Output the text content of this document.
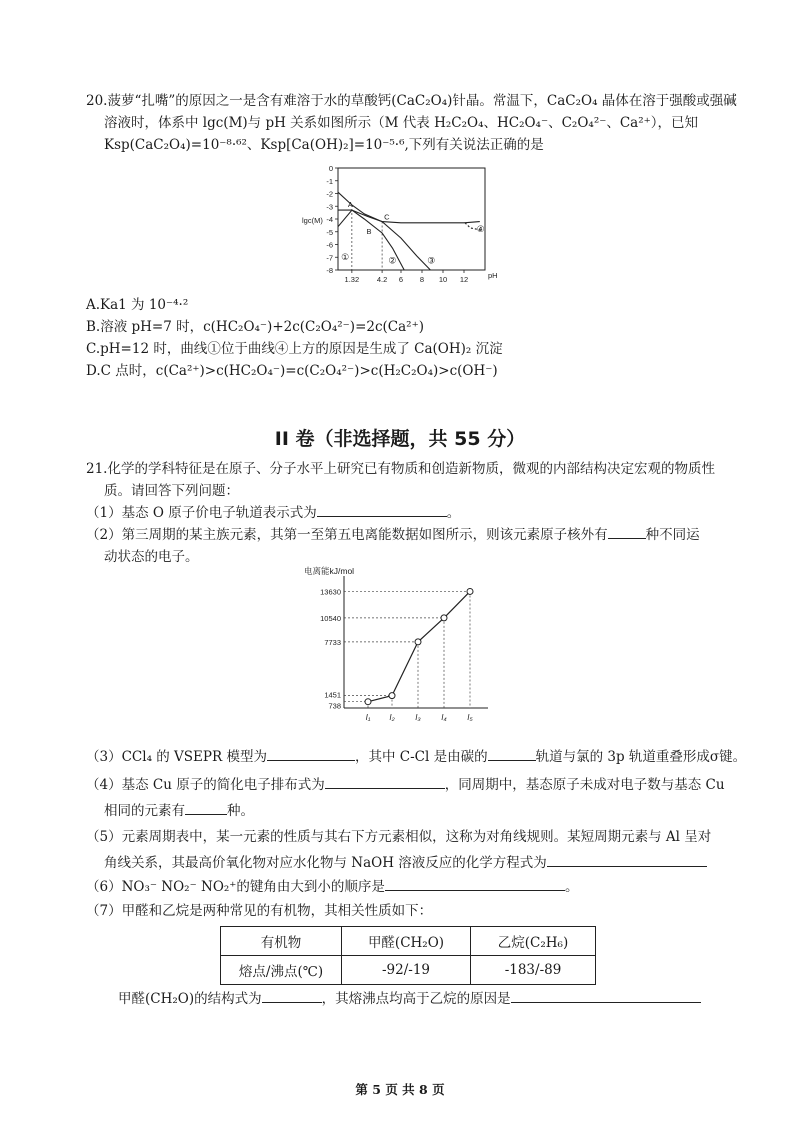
20.菠萝“扎嘴”的原因之一是含有难溶于水的草酸钙(CaC₂O₄)针晶。常温下，CaC₂O₄ 晶体在溶于强酸或强碱
溶液时，体系中 lgc(M)与 pH 关系如图所示（M 代表 H₂C₂O₄、HC₂O₄⁻、C₂O₄²⁻、Ca²⁺），已知
Ksp(CaC₂O₄)=10⁻⁸·⁶²、Ksp[Ca(OH)₂]=10⁻⁵·⁶,下列有关说法正确的是
0
-1
-2
-3
-4
-5
-6
-7
-8
1.32 4.2 6 8 10 12
lgc(M)
pH
A
B
C
①	②	③
④
A.Ka1 为 10⁻⁴·²
B.溶液 pH=7 时，c(HC₂O₄⁻)+2c(C₂O₄²⁻)=2c(Ca²⁺)
C.pH=12 时，曲线①位于曲线④上方的原因是生成了 Ca(OH)₂ 沉淀
D.C 点时，c(Ca²⁺)>c(HC₂O₄⁻)=c(C₂O₄²⁻)>c(H₂C₂O₄)>c(OH⁻)
II 卷（非选择题，共 55 分）
21.化学的学科特征是在原子、分子水平上研究已有物质和创造新物质，微观的内部结构决定宏观的物质性
质。请回答下列问题：
（1）基态 O 原子价电子轨道表示式为	。
（2）第三周期的某主族元素，其第一至第五电离能数据如图所示，则该元素原子核外有	种不同运
动状态的电子。
电离能kJ/mol
738
I₁
1451
I₂
7733
I₃
10540
I₄
13630
I₅
（3）CCl₄ 的 VSEPR 模型为	，其中 C-Cl 是由碳的	轨道与氯的 3p 轨道重叠形成σ键。
（4）基态 Cu 原子的简化电子排布式为	，同周期中，基态原子未成对电子数与基态 Cu
相同的元素有	种。
（5）元素周期表中，某一元素的性质与其右下方元素相似，这称为对角线规则。某短周期元素与 Al 呈对
角线关系，其最高价氧化物对应水化物与 NaOH 溶液反应的化学方程式为
（6）NO₃⁻ NO₂⁻ NO₂⁺的键角由大到小的顺序是	。
（7）甲醛和乙烷是两种常见的有机物，其相关性质如下：
有机物	甲醛(CH₂O)	乙烷(C₂H₆)
熔点/沸点(℃)	-92/-19	-183/-89
甲醛(CH₂O)的结构式为	，其熔沸点均高于乙烷的原因是
第 5 页 共 8 页
